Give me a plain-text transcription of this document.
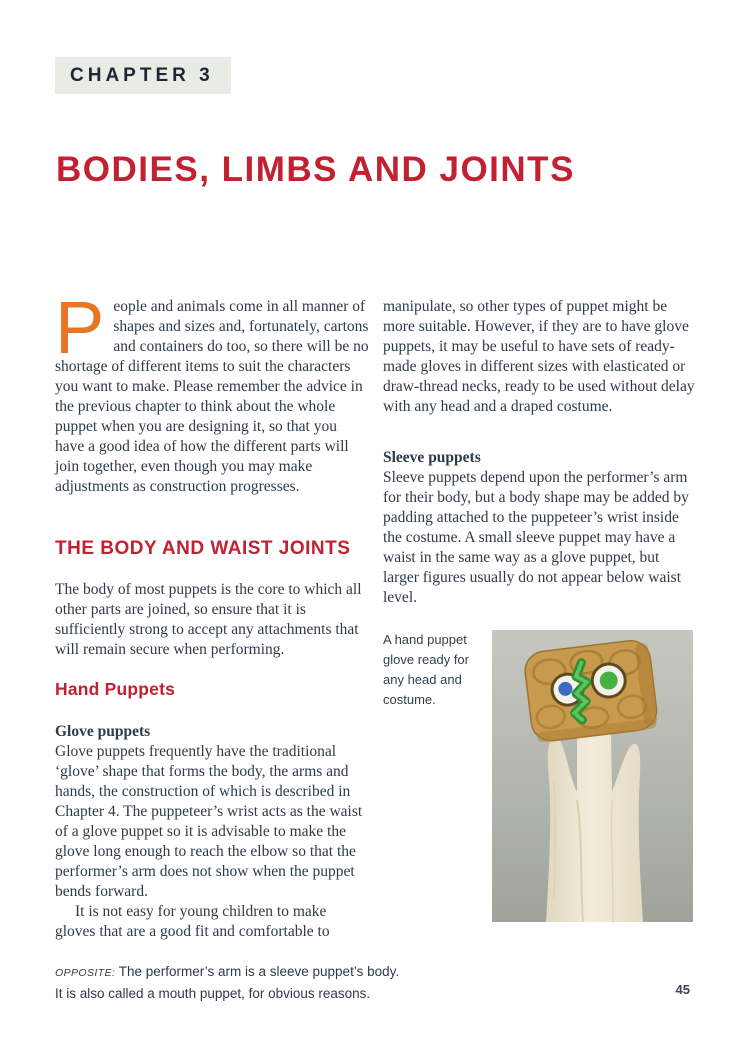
CHAPTER 3
BODIES, LIMBS AND JOINTS

People and animals come in all manner of shapes and sizes and, fortunately, cartons and containers do too, so there will be no shortage of different items to suit the characters you want to make. Please remember the advice in the previous chapter to think about the whole puppet when you are designing it, so that you have a good idea of how the different parts will join together, even though you may make adjustments as construction progresses.

THE BODY AND WAIST JOINTS

The body of most puppets is the core to which all other parts are joined, so ensure that it is sufficiently strong to accept any attachments that will remain secure when performing.

Hand Puppets

Glove puppets

Glove puppets frequently have the traditional ‘glove’ shape that forms the body, the arms and hands, the construction of which is described in Chapter 4. The puppeteer’s wrist acts as the waist of a glove puppet so it is advisable to make the glove long enough to reach the elbow so that the performer’s arm does not show when the puppet bends forward.

It is not easy for young children to make gloves that are a good fit and comfortable to

manipulate, so other types of puppet might be more suitable. However, if they are to have glove puppets, it may be useful to have sets of ready-made gloves in different sizes with elasticated or draw-thread necks, ready to be used without delay with any head and a draped costume.

Sleeve puppets

Sleeve puppets depend upon the performer’s arm for their body, but a body shape may be added by padding attached to the puppeteer’s wrist inside the costume. A small sleeve puppet may have a waist in the same way as a glove puppet, but larger figures usually do not appear below waist level.

A hand puppet glove ready for any head and costume.
OPPOSITE: The performer’s arm is a sleeve puppet’s body. It is also called a mouth puppet, for obvious reasons.	45
